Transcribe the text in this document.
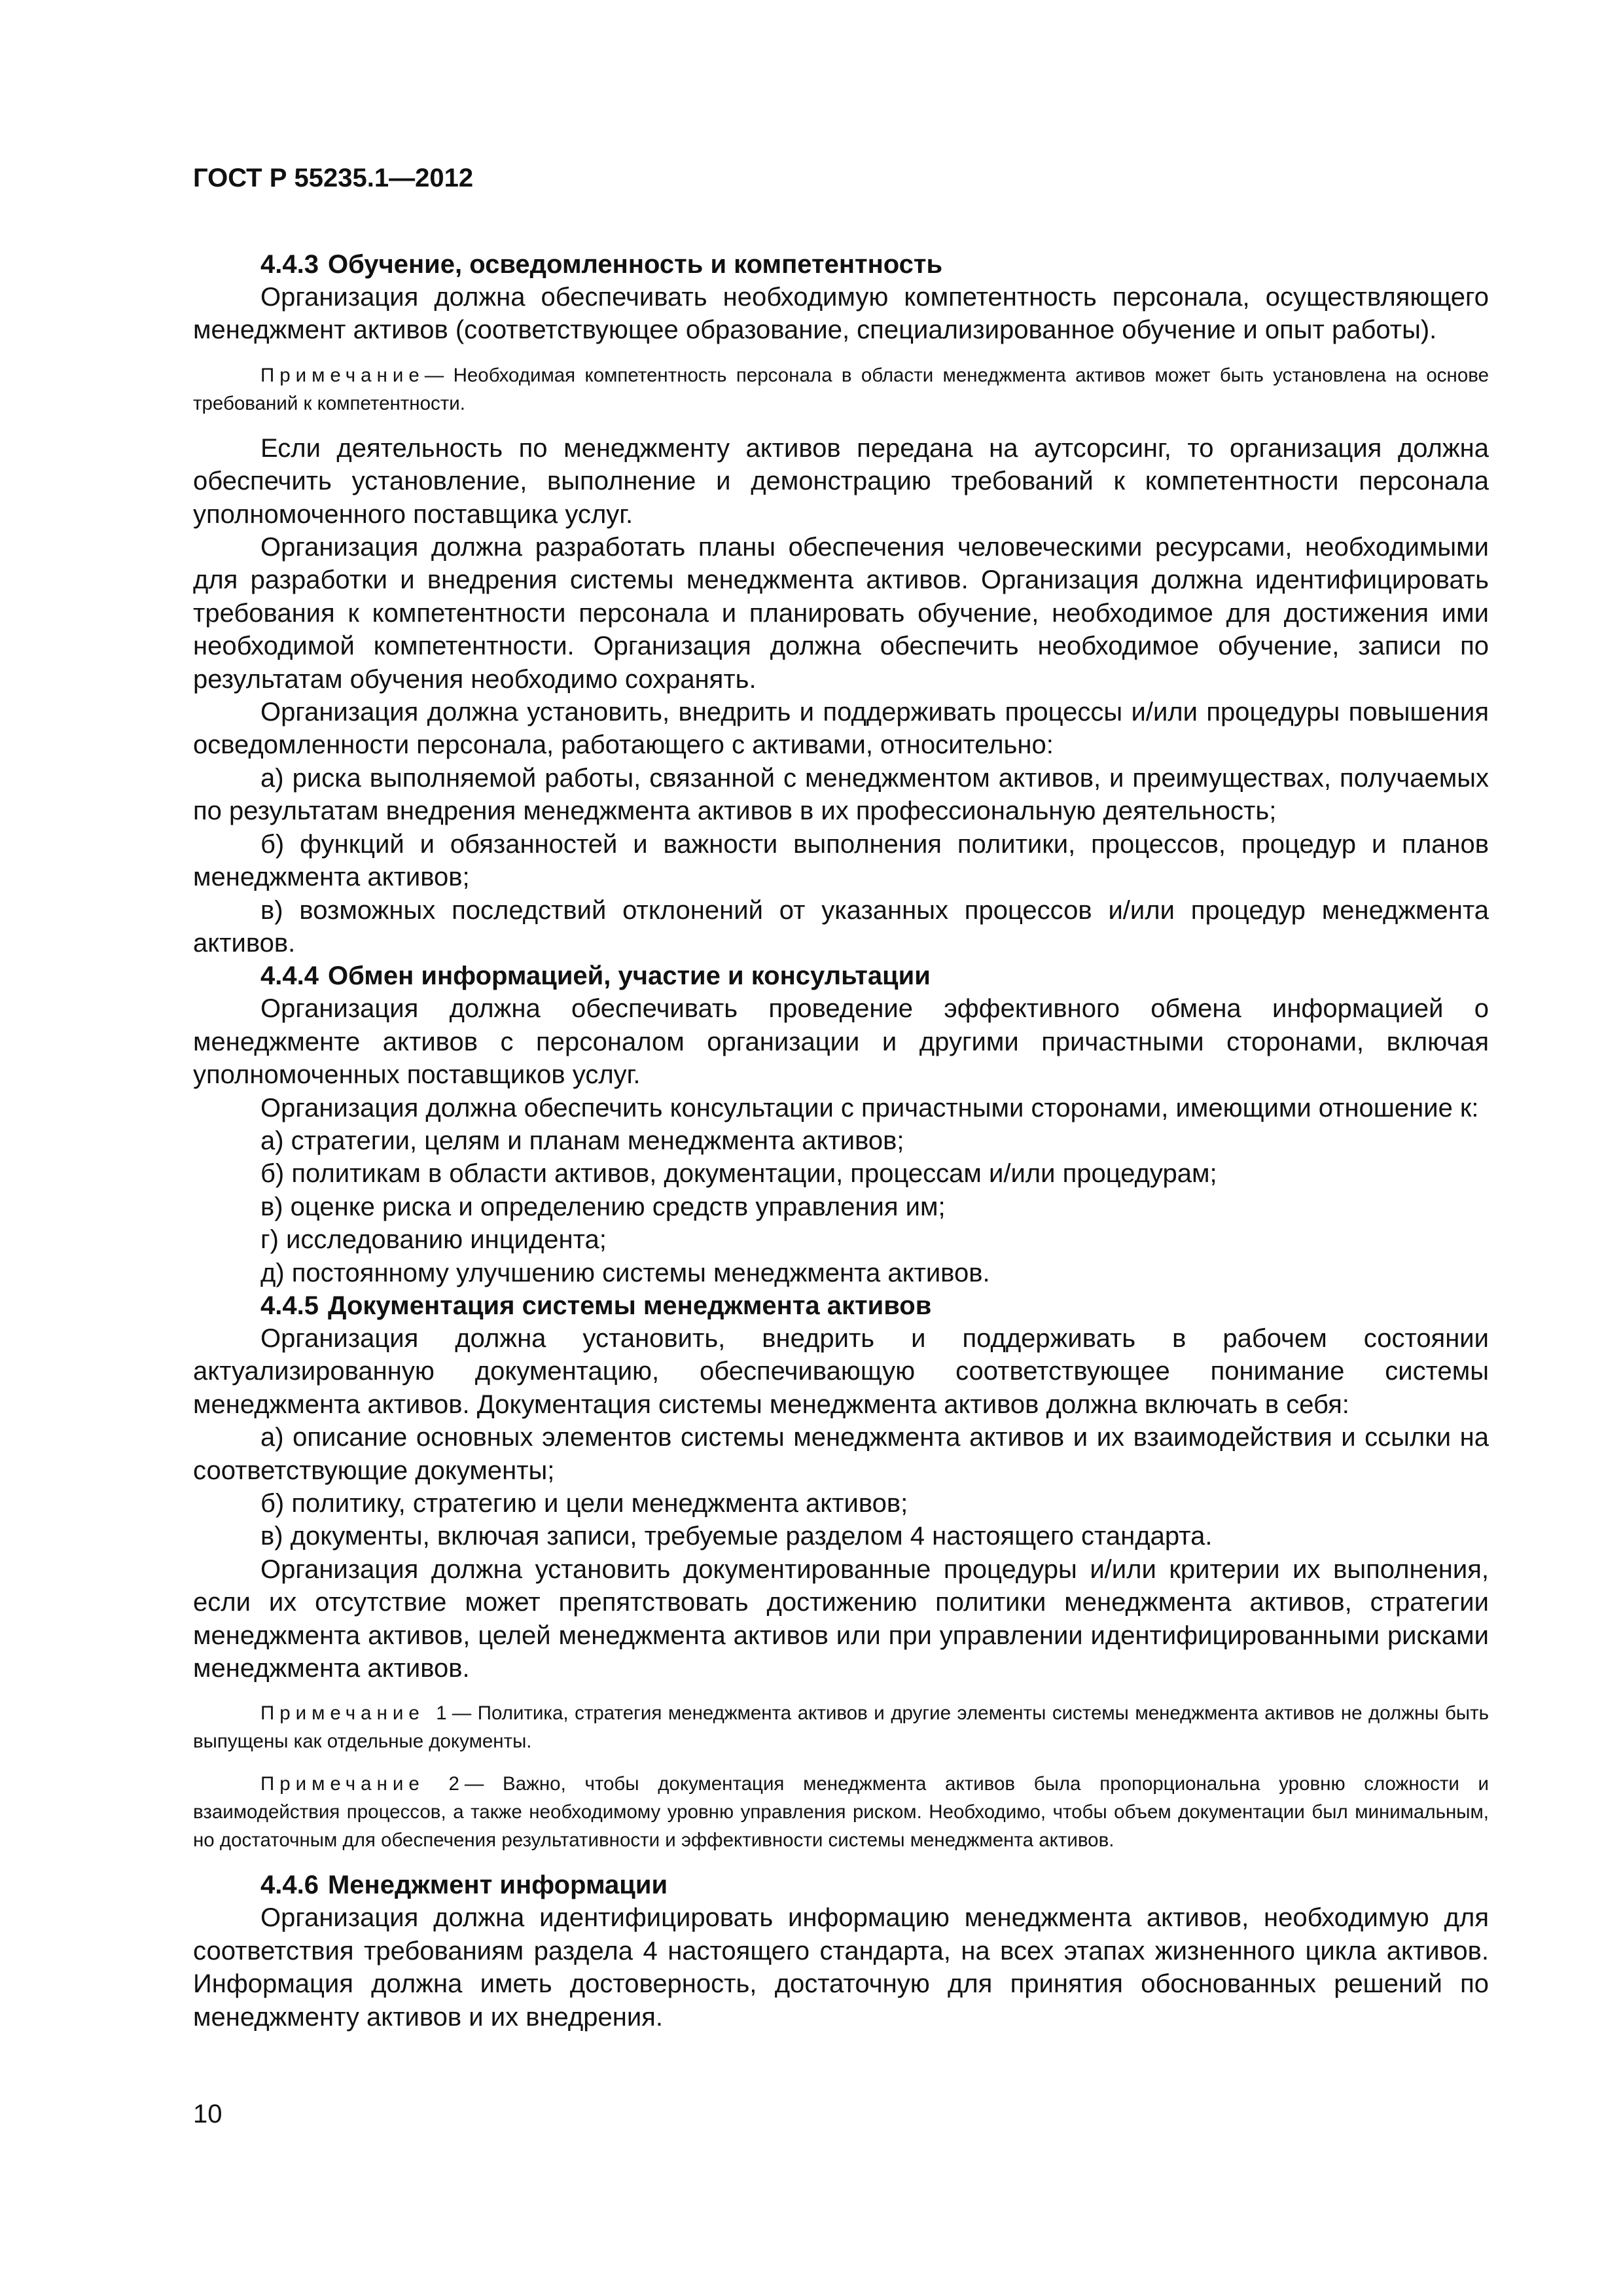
ГОСТ Р 55235.1—2012
4.4.3 Обучение, осведомленность и компетентность
Организация должна обеспечивать необходимую компетентность персонала, осуществляющего менеджмент активов (соответствующее образование, специализированное обучение и опыт работы).
Примечание— Необходимая компетентность персонала в области менеджмента активов может быть установлена на основе требований к компетентности.
Если деятельность по менеджменту активов передана на аутсорсинг, то организация должна обеспечить установление, выполнение и демонстрацию требований к компетентности персонала уполномоченного поставщика услуг.
Организация должна разработать планы обеспечения человеческими ресурсами, необходимыми для разработки и внедрения системы менеджмента активов. Организация должна идентифицировать требования к компетентности персонала и планировать обучение, необходимое для достижения ими необходимой компетентности. Организация должна обеспечить необходимое обучение, записи по результатам обучения необходимо сохранять.
Организация должна установить, внедрить и поддерживать процессы и/или процедуры повышения осведомленности персонала, работающего с активами, относительно:
а) риска выполняемой работы, связанной с менеджментом активов, и преимуществах, получаемых по результатам внедрения менеджмента активов в их профессиональную деятельность;
б) функций и обязанностей и важности выполнения политики, процессов, процедур и планов менеджмента активов;
в) возможных последствий отклонений от указанных процессов и/или процедур менеджмента активов.
4.4.4 Обмен информацией, участие и консультации
Организация должна обеспечивать проведение эффективного обмена информацией о менеджменте активов с персоналом организации и другими причастными сторонами, включая уполномоченных поставщиков услуг.
Организация должна обеспечить консультации с причастными сторонами, имеющими отношение к:
а) стратегии, целям и планам менеджмента активов;
б) политикам в области активов, документации, процессам и/или процедурам;
в) оценке риска и определению средств управления им;
г) исследованию инцидента;
д) постоянному улучшению системы менеджмента активов.
4.4.5 Документация системы менеджмента активов
Организация должна установить, внедрить и поддерживать в рабочем состоянии актуализированную документацию, обеспечивающую соответствующее понимание системы менеджмента активов. Документация системы менеджмента активов должна включать в себя:
а) описание основных элементов системы менеджмента активов и их взаимодействия и ссылки на соответствующие документы;
б) политику, стратегию и цели менеджмента активов;
в) документы, включая записи, требуемые разделом 4 настоящего стандарта.
Организация должна установить документированные процедуры и/или критерии их выполнения, если их отсутствие может препятствовать достижению политики менеджмента активов, стратегии менеджмента активов, целей менеджмента активов или при управлении идентифицированными рисками менеджмента активов.
Примечание 1— Политика, стратегия менеджмента активов и другие элементы системы менеджмента активов не должны быть выпущены как отдельные документы.
Примечание 2— Важно, чтобы документация менеджмента активов была пропорциональна уровню сложности и взаимодействия процессов, а также необходимому уровню управления риском. Необходимо, чтобы объем документации был минимальным, но достаточным для обеспечения результативности и эффективности системы менеджмента активов.
4.4.6 Менеджмент информации
Организация должна идентифицировать информацию менеджмента активов, необходимую для соответствия требованиям раздела 4 настоящего стандарта, на всех этапах жизненного цикла активов. Информация должна иметь достоверность, достаточную для принятия обоснованных решений по менеджменту активов и их внедрения.
10
